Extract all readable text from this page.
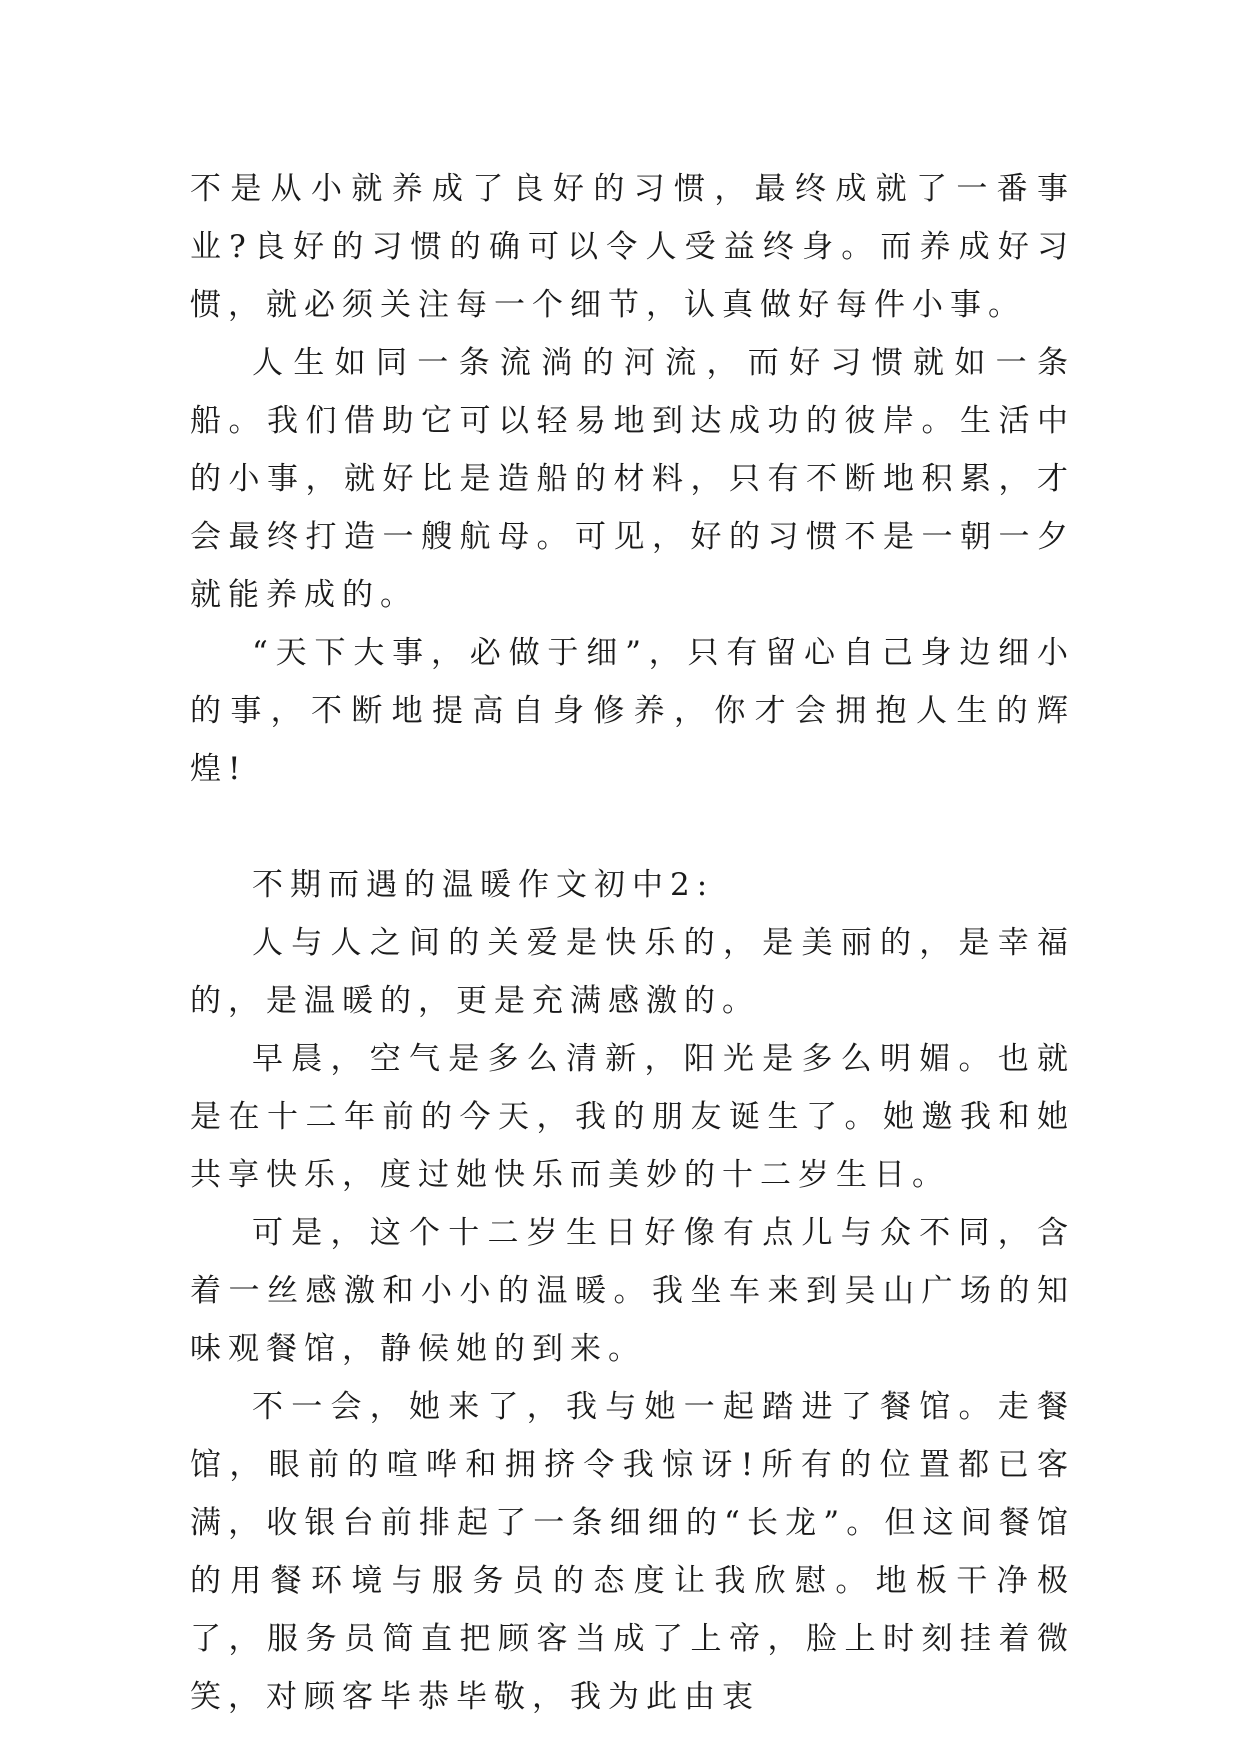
不是从小就养成了良好的习惯，最终成就了一番事业?良好的习惯的确可以令人受益终身。而养成好习惯，就必须关注每一个细节，认真做好每件小事。

人生如同一条流淌的河流，而好习惯就如一条船。我们借助它可以轻易地到达成功的彼岸。生活中的小事，就好比是造船的材料，只有不断地积累，才会最终打造一艘航母。可见，好的习惯不是一朝一夕就能养成的。

“天下大事，必做于细”，只有留心自己身边细小的事，不断地提高自身修养，你才会拥抱人生的辉煌!

不期而遇的温暖作文初中2:

人与人之间的关爱是快乐的，是美丽的，是幸福的，是温暖的，更是充满感激的。

早晨，空气是多么清新，阳光是多么明媚。也就是在十二年前的今天，我的朋友诞生了。她邀我和她共享快乐，度过她快乐而美妙的十二岁生日。

可是，这个十二岁生日好像有点儿与众不同，含着一丝感激和小小的温暖。我坐车来到吴山广场的知味观餐馆，静候她的到来。

不一会，她来了，我与她一起踏进了餐馆。走餐馆，眼前的喧哗和拥挤令我惊讶!所有的位置都已客满，收银台前排起了一条细细的“长龙”。但这间餐馆的用餐环境与服务员的态度让我欣慰。地板干净极了，服务员简直把顾客当成了上帝，脸上时刻挂着微笑，对顾客毕恭毕敬，我为此由衷
